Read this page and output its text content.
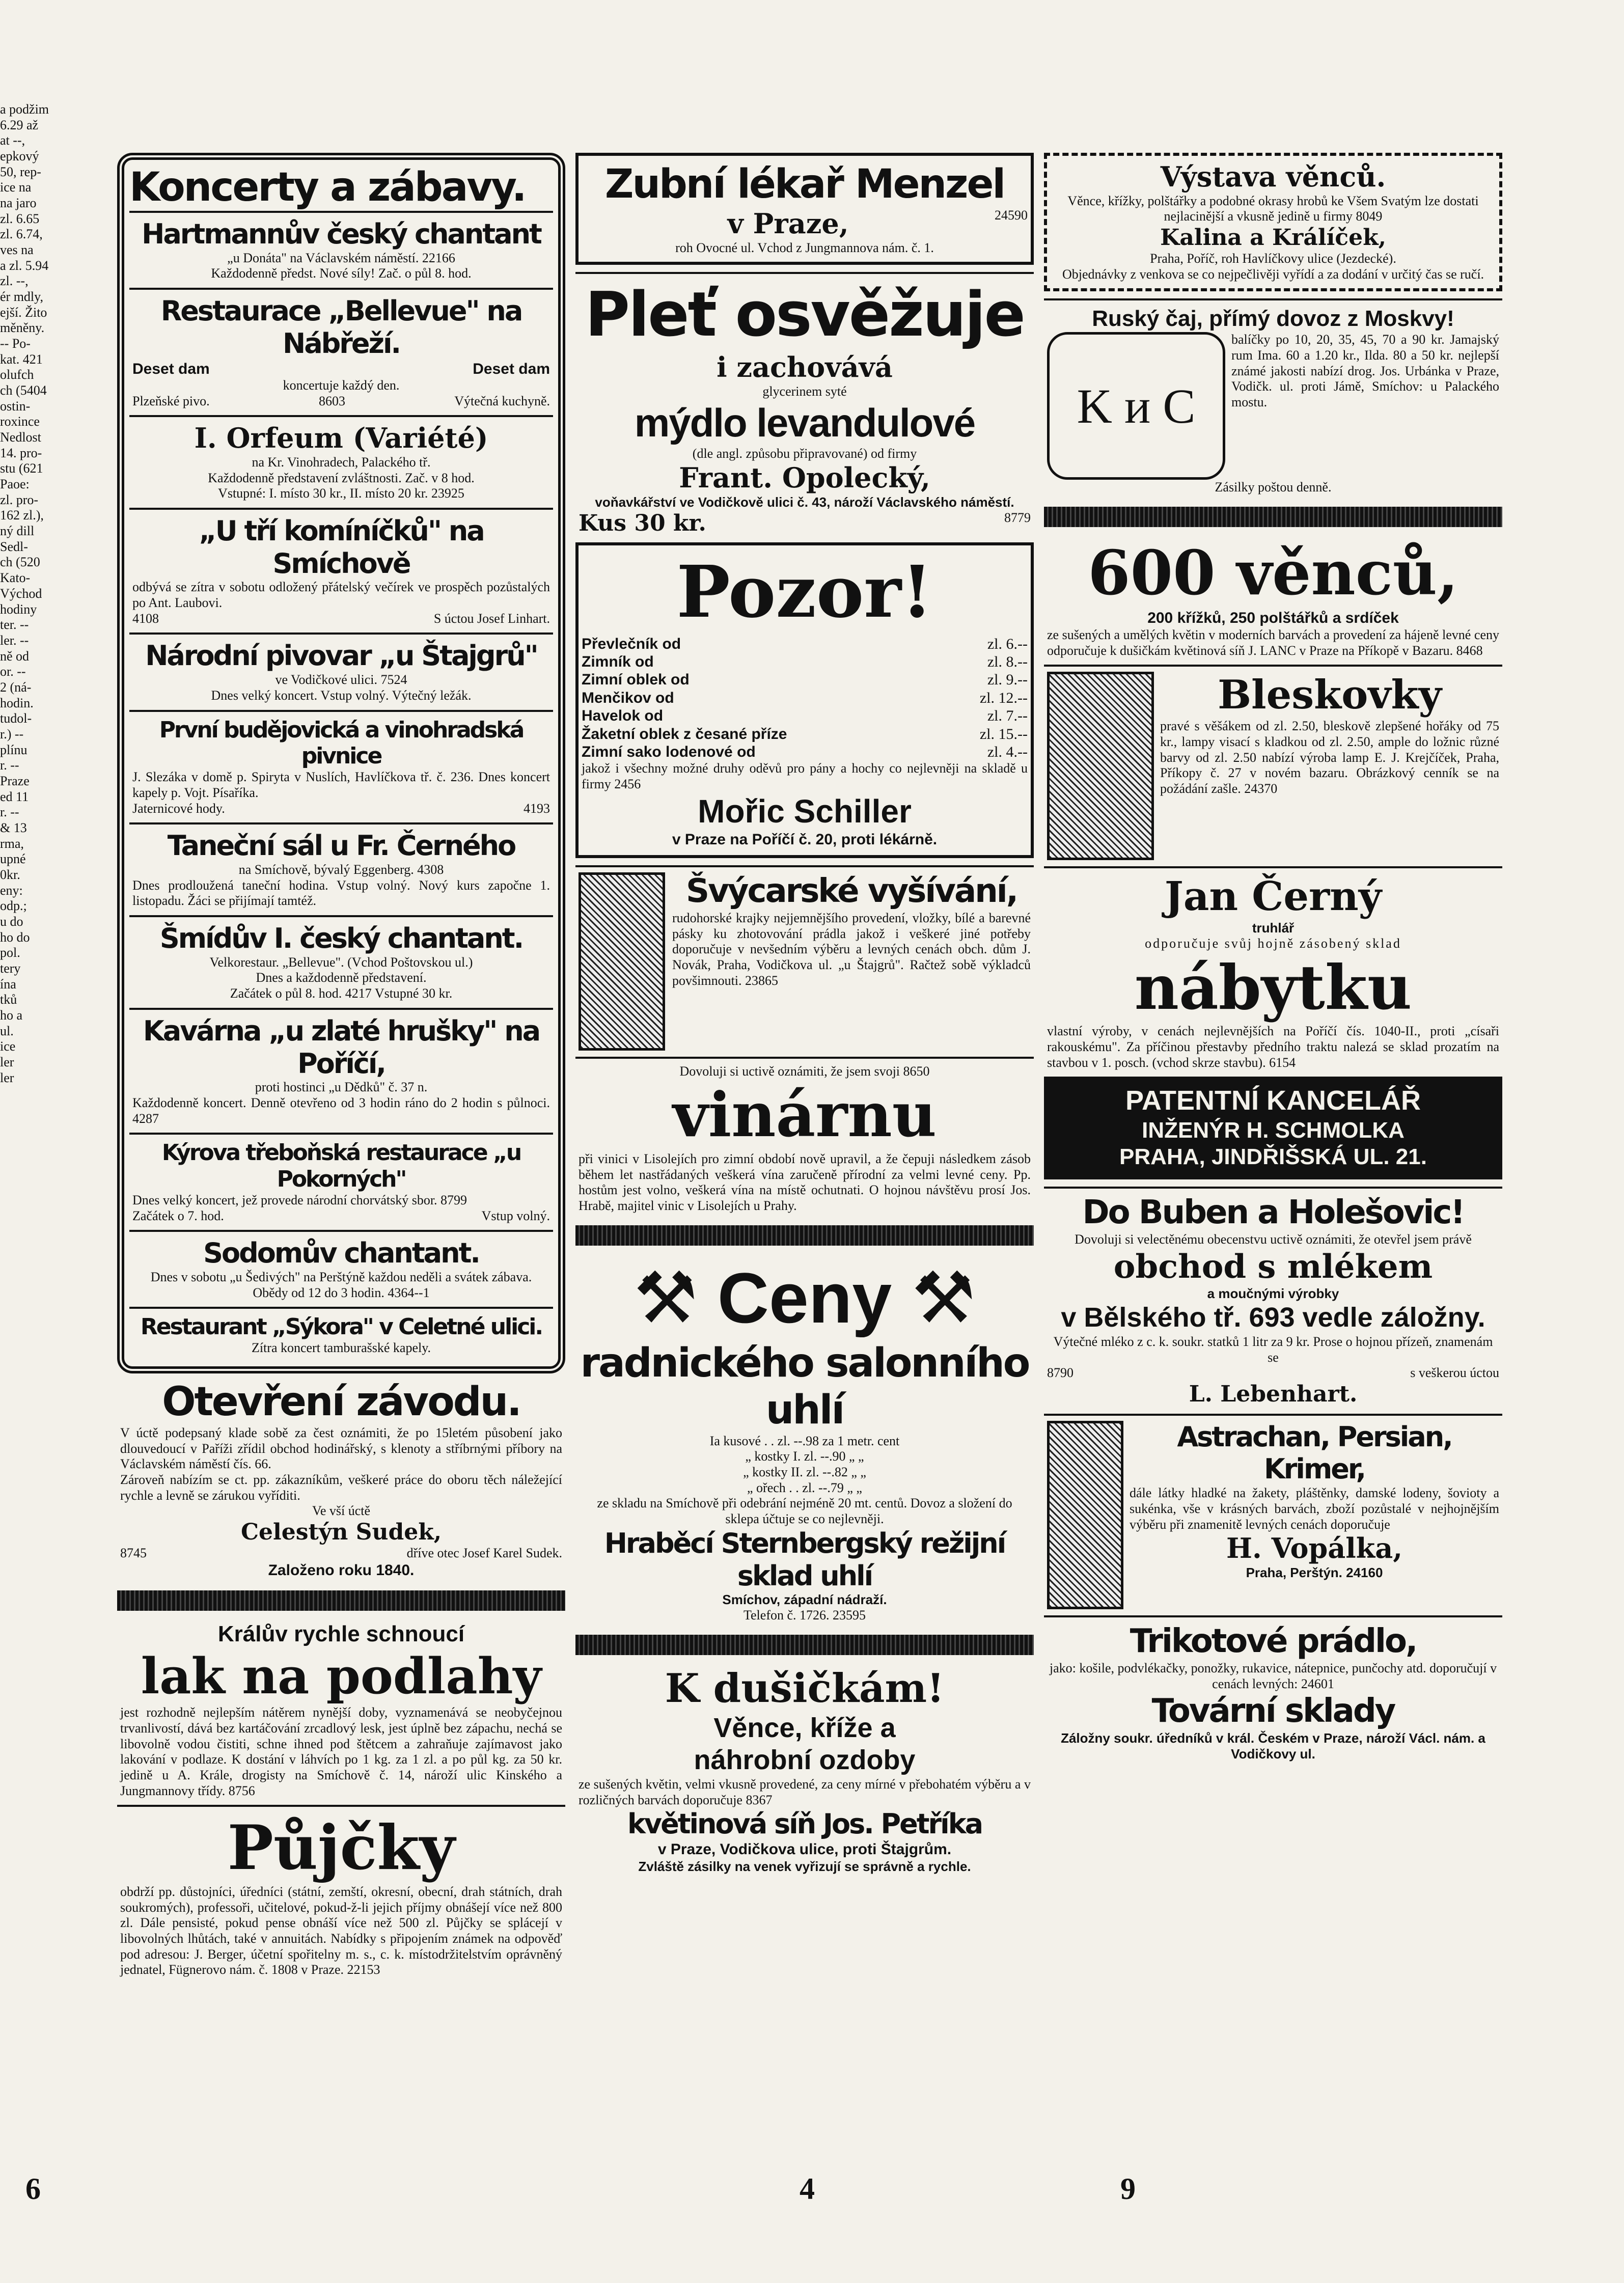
a podžim
6.29 až
at --,
epkový
50, rep-
ice na
na jaro
zl. 6.65
zl. 6.74,
ves na
a zl. 5.94
zl. --,
ér mdly,
ejší. Žito
měněny.
-- Po-
kat. 421
olufch
ch (5404
ostin-
roxince
Nedlost
14. pro-
stu (621
Paoe:
zl. pro-
162 zl.),
ný dill
Sedl-
ch (520
Kato-
Východ
hodiny
ter. --
ler. --
ně od
or. --
2 (ná-
hodin.
tudol-
r.) --
plínu
r. --
Praze
ed 11
r. --
& 13
rma,
upné
0kr.
eny:
odp.;
u do
ho do
pol.
tery
ína
tků
ho a
ul.
ice
ler
ler
Koncerty a zábavy.
Hartmannův český chantant
„u Donáta" na Václavském náměstí. 22166
Každodenně předst. Nové síly! Zač. o půl 8. hod.
Restaurace „Bellevue" na Nábřeží.
Deset dam	Deset dam
koncertuje každý den.
Plzeňské pivo.	8603	Výtečná kuchyně.
I. Orfeum (Variété)
na Kr. Vinohradech, Palackého tř.
Každodenně představení zvláštnosti. Zač. v 8 hod.
Vstupné: I. místo 30 kr., II. místo 20 kr. 23925
„U tří komíníčků" na Smíchově
odbývá se zítra v sobotu odložený přátelský večírek ve prospěch pozůstalých po Ant. Laubovi.
4108	S úctou Josef Linhart.
Národní pivovar „u Štajgrů"
ve Vodičkové ulici. 7524
Dnes velký koncert. Vstup volný. Výtečný ležák.
První budějovická a vinohradská pivnice
J. Slezáka v domě p. Spiryta v Nuslích, Havlíčkova tř. č. 236. Dnes koncert kapely p. Vojt. Písaříka.
Jaternicové hody.	4193
Taneční sál u Fr. Černého
na Smíchově, bývalý Eggenberg. 4308
Dnes prodloužená taneční hodina. Vstup volný. Nový kurs započne 1. listopadu. Žáci se přijímají tamtéž.
Šmídův I. český chantant.
Velkorestaur. „Bellevue". (Vchod Poštovskou ul.)
Dnes a každodenně představení.
Začátek o půl 8. hod. 4217 Vstupné 30 kr.
Kavárna „u zlaté hrušky" na Poříčí,
proti hostinci „u Dědků" č. 37 n.
Každodenně koncert. Denně otevřeno od 3 hodin ráno do 2 hodin s půlnoci. 4287
Kýrova třeboňská restaurace „u Pokorných"
Dnes velký koncert, jež provede národní chorvátský sbor. 8799
Začátek o 7. hod.	Vstup volný.
Sodomův chantant.
Dnes v sobotu „u Šedivých" na Perštýně každou neděli a svátek zábava.
Obědy od 12 do 3 hodin. 4364--1
Restaurant „Sýkora" v Celetné ulici.
Zítra koncert tamburašské kapely.
Otevření závodu.
V úctě podepsaný klade sobě za čest oznámiti, že po 15letém působení jako dlouvedoucí v Paříži zřídil obchod hodinářský, s klenoty a stříbrnými příbory na Václavském náměstí čís. 66.
Zároveň nabízím se ct. pp. zákazníkům, veškeré práce do oboru těch náležející rychle a levně se zárukou vyříditi.
Ve vší úctě
Celestýn Sudek,
8745	dříve otec Josef Karel Sudek.
Založeno roku 1840.
Králův rychle schnoucí
lak na podlahy
jest rozhodně nejlepším nátěrem nynější doby, vyznamenává se neobyčejnou trvanlivostí, dává bez kartáčování zrcadlový lesk, jest úplně bez zápachu, nechá se libovolně vodou čistiti, schne ihned pod štětcem a zahraňuje zajímavost jako lakování v podlaze. K dostání v láhvích po 1 kg. za 1 zl. a po půl kg. za 50 kr. jedině u A. Krále, drogisty na Smíchově č. 14, nároží ulic Kinského a Jungmannovy třídy. 8756
Půjčky
obdrží pp. důstojníci, úředníci (státní, zemští, okresní, obecní, drah státních, drah soukromých), professoři, učitelové, pokud-ž-li jejich příjmy obnášejí více než 800 zl. Dále pensisté, pokud pense obnáší více než 500 zl. Půjčky se splácejí v libovolných lhůtách, také v annuitách. Nabídky s připojením známek na odpověď pod adresou: J. Berger, účetní spořitelny m. s., c. k. místodržitelstvím oprávněný jednatel, Fügnerovo nám. č. 1808 v Praze. 22153
Zubní lékař Menzel
v Praze,	24590
roh Ovocné ul. Vchod z Jungmannova nám. č. 1.
Pleť osvěžuje
i zachovává
glycerinem syté
mýdlo levandulové
(dle angl. způsobu připravované) od firmy
Frant. Opolecký,
voňavkářství ve Vodičkově ulici č. 43, nároží Václavského náměstí.
Kus 30 kr.	8779
Pozor!
Převlečník od	zl. 6.--
Zimník od	zl. 8.--
Zimní oblek od	zl. 9.--
Menčikov od	zl. 12.--
Havelok od	zl. 7.--
Žaketní oblek z česané příze	zl. 15.--
Zimní sako lodenové od	zl. 4.--
jakož i všechny možné druhy oděvů pro pány a hochy co nejlevněji na skladě u firmy 2456
Mořic Schiller
v Praze na Poříčí č. 20, proti lékárně.
Švýcarské vyšívání,
rudohorské krajky nejjemnějšího provedení, vložky, bílé a barevné pásky ku zhotovování prádla jakož i veškeré jiné potřeby doporučuje v nevšedním výběru a levných cenách obch. dům J. Novák, Praha, Vodičkova ul. „u Štajgrů". Račtež sobě výkladců povšimnouti. 23865
Dovoluji si uctivě oznámiti, že jsem svoji 8650
vinárnu
při vinici v Lisolejích pro zimní období nově upravil, a že čepuji následkem zásob během let nastřádaných veškerá vína zaručeně přírodní za velmi levné ceny. Pp. hostům jest volno, veškerá vína na místě ochutnati. O hojnou návštěvu prosí Jos. Hrabě, majitel vinic v Lisolejích u Prahy.
⚒ Ceny ⚒
radnického salonního uhlí
Ia kusové . . zl. --.98 za 1 metr. cent
„ kostky I. zl. --.90 „ „
„ kostky II. zl. --.82 „ „
„ ořech . . zl. --.79 „ „
ze skladu na Smíchově při odebrání nejméně 20 mt. centů. Dovoz a složení do sklepa účtuje se co nejlevněji.
Hraběcí Sternbergský režijní sklad uhlí
Smíchov, západní nádraží.
Telefon č. 1726. 23595
K dušičkám!
Věnce, kříže a
náhrobní ozdoby
ze sušených květin, velmi vkusně provedené, za ceny mírné v přebohatém výběru a v rozličných barvách doporučuje 8367
květinová síň Jos. Petříka
v Praze, Vodičkova ulice, proti Štajgrům.
Zvláště zásilky na venek vyřizují se správně a rychle.
Výstava věnců.
Věnce, křížky, polštářky a podobné okrasy hrobů ke Všem Svatým lze dostati nejlacinější a vkusně jedině u firmy 8049
Kalina a Králíček,
Praha, Poříč, roh Havlíčkovy ulice (Jezdecké).
Objednávky z venkova se co nejpečlivěji vyřídí a za dodání v určitý čas se ručí.
Ruský čaj, přímý dovoz z Moskvy!
K и C
balíčky po 10, 20, 35, 45, 70 a 90 kr. Jamajský rum Ima. 60 a 1.20 kr., Ilda. 80 a 50 kr. nejlepší známé jakosti nabízí drog. Jos. Urbánka v Praze, Vodičk. ul. proti Jámě, Smíchov: u Palackého mostu.
Zásilky poštou denně.
600 věnců,
200 křížků, 250 polštářků a srdíček
ze sušených a umělých květin v moderních barvách a provedení za hájeně levné ceny odporučuje k dušičkám květinová síň J. LANC v Praze na Příkopě v Bazaru. 8468
Bleskovky
pravé s věšákem od zl. 2.50, bleskově zlepšené hořáky od 75 kr., lampy visací s kladkou od zl. 2.50, ample do ložnic různé barvy od zl. 2.50 nabízí výroba lamp E. J. Krejčíček, Praha, Příkopy č. 27 v novém bazaru. Obrázkový cenník se na požádání zašle. 24370
Jan Černý
truhlář
odporučuje svůj hojně zásobený sklad
nábytku
vlastní výroby, v cenách nejlevnějších na Poříčí čís. 1040-II., proti „císaři rakouskému". Za příčinou přestavby předního traktu nalezá se sklad prozatím na stavbou v 1. posch. (vchod skrze stavbu). 6154
PATENTNÍ KANCELÁŘ
INŽENÝR H. SCHMOLKA
PRAHA, JINDŘIŠSKÁ UL. 21.
Do Buben a Holešovic!
Dovoluji si velectěnému obecenstvu uctivě oznámiti, že otevřel jsem právě
obchod s mlékem
a moučnými výrobky
v Bělského tř. 693 vedle záložny.
Výtečné mléko z c. k. soukr. statků 1 litr za 9 kr. Prose o hojnou přízeň, znamenám se
8790	s veškerou úctou
L. Lebenhart.
Astrachan, Persian, Krimer,
dále látky hladké na žakety, pláštěnky, damské lodeny, šovioty a sukénka, vše v krásných barvách, zboží pozůstalé v nejhojnějším výběru při znamenitě levných cenách doporučuje
H. Vopálka,
Praha, Perštýn. 24160
Trikotové prádlo,
jako: košile, podvlékačky, ponožky, rukavice, nátepnice, punčochy atd. doporučují v cenách levných: 24601
Tovární sklady
Záložny soukr. úředníků v král. Českém v Praze, nároží Václ. nám. a Vodičkovy ul.
6	4	9
